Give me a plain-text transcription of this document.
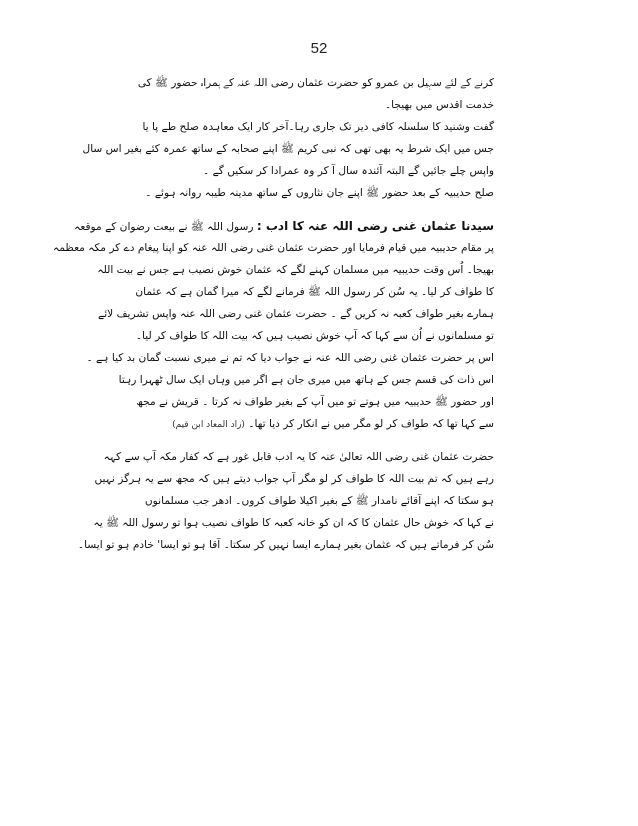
52
کرنے کے لئے سہیل بن عمرو کو حضرت عثمان رضی اللہ عنہ کے ہمراہ حضور ﷺ کی
خدمت اقدس میں بھیجا۔
گفت وشنید کا سلسلہ کافی دیر تک جاری رہا۔آخر کار ایک معاہدہ صلح طے پا یا
جس میں ایک شرط یہ بھی تھی کہ نبی کریم ﷺ اپنے صحابہ کے ساتھ عمرہ کئے بغیر اس سال
واپس چلے جائیں گے البتہ آئندہ سال آ کر وہ عمرادا کر سکیں گے ۔
صلح حدیبیہ کے بعد حضور ﷺ اپنے جان نثاروں کے ساتھ مدینہ طیبہ روانہ ہوئے ۔
سیدنا عثمان غنی رضی اللہ عنہ کا ادب : رسول اللہ ﷺ نے بیعت رضوان کے موقعہ
پر مقام حدیبیہ میں قیام فرمایا اور حضرت عثمان غنی رضی اللہ عنہ کو اپنا پیغام دے کر مکہ معظمہ
بھیجا۔ اُس وقت حدیبیہ میں مسلمان کہنے لگے کہ عثمان خوش نصیب ہے جس نے بیت اللہ
کا طواف کر لیا۔ یہ سُن کر رسول اللہ ﷺ فرمانے لگے کہ میرا گمان ہے کہ عثمان
ہمارے بغیر طواف کعبہ نہ کریں گے ۔ حضرت عثمان غنی رضی اللہ عنہ واپس تشریف لائے
تو مسلمانوں نے اُن سے کہا کہ آپ خوش نصیب ہیں کہ بیت اللہ کا طواف کر لیا۔
اس پر حضرت عثمان غنی رضی اللہ عنہ نے جواب دیا کہ تم نے میری نسبت گمان بد کیا ہے ۔
اس ذات کی قسم جس کے ہاتھ میں میری جان ہے اگر میں وہاں ایک سال ٹھہرا رہتا
اور حضور ﷺ حدیبیہ میں ہوتے تو میں آپ کے بغیر طواف نہ کرتا ۔ قریش نے مجھ
سے کہا تھا کہ طواف کر لو مگر میں نے انکار کر دیا تھا۔ (زاد المعاد ابن قیم)
حضرت عثمان غنی رضی اللہ تعالیٰ عنہ کا یہ ادب قابل غور ہے کہ کفار مکہ آپ سے کہہ
رہے ہیں کہ تم بیت اللہ کا طواف کر لو مگر آپ جواب دیتے ہیں کہ مجھ سے یہ ہرگز نہیں
ہو سکتا کہ اپنے آقائے نامدار ﷺ کے بغیر اکیلا طواف کروں۔ ادھر جب مسلمانوں
نے کہا کہ خوش حال عثمان کا کہ ان کو خانہ کعبہ کا طواف نصیب ہوا تو رسول اللہ ﷺ یہ
سُن کر فرماتے ہیں کہ عثمان بغیر ہمارے ایسا نہیں کر سکتا۔ آقا ہو تو ایسا' خادم ہو تو ایسا۔
